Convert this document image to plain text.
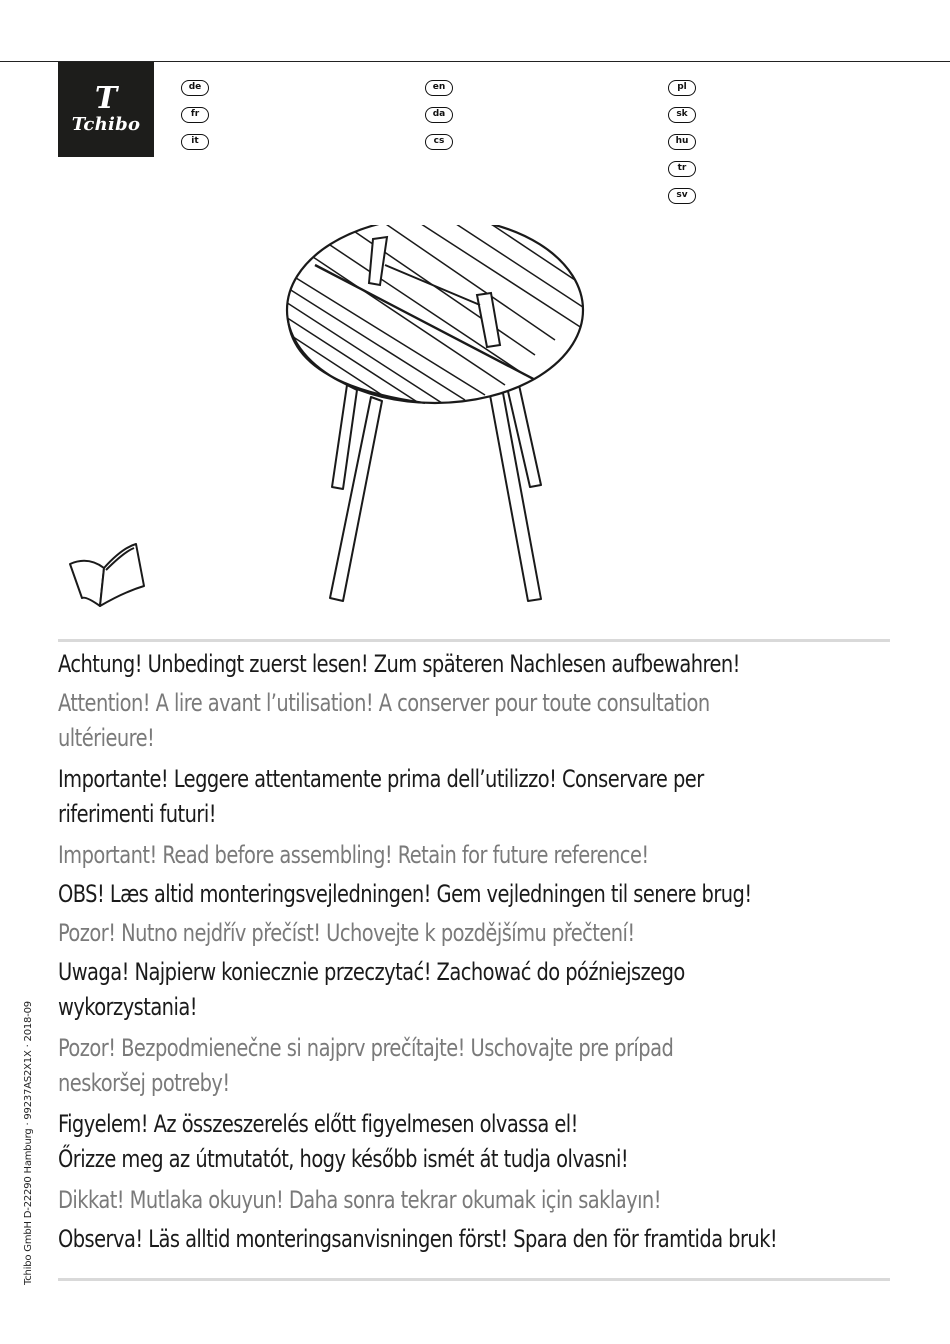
T
Tchibo
de
fr
it
en
da
cs
pl
sk
hu
tr
sv
Achtung! Unbedingt zuerst lesen! Zum späteren Nachlesen aufbewahren!
Attention! A lire avant l’utilisation! A conserver pour toute consultation
ultérieure!
Importante! Leggere attentamente prima dell’utilizzo! Conservare per
riferimenti futuri!
Important! Read before assembling! Retain for future reference!
OBS! Læs altid monteringsvejledningen! Gem vejledningen til senere brug!
Pozor! Nutno nejdřív přečíst! Uchovejte k pozdějšímu přečtení!
Uwaga! Najpierw koniecznie przeczytać! Zachować do późniejszego
wykorzystania!
Pozor! Bezpodmienečne si najprv prečítajte! Uschovajte pre prípad
neskoršej potreby!
Figyelem! Az összeszerelés előtt figyelmesen olvassa el!
Őrizze meg az útmutatót, hogy később ismét át tudja olvasni!
Dikkat! Mutlaka okuyun! Daha sonra tekrar okumak için saklayın!
Observa! Läs alltid monteringsanvisningen först! Spara den för framtida bruk!
Tchibo GmbH D-22290 Hamburg · 99237AS2X1X · 2018-09
